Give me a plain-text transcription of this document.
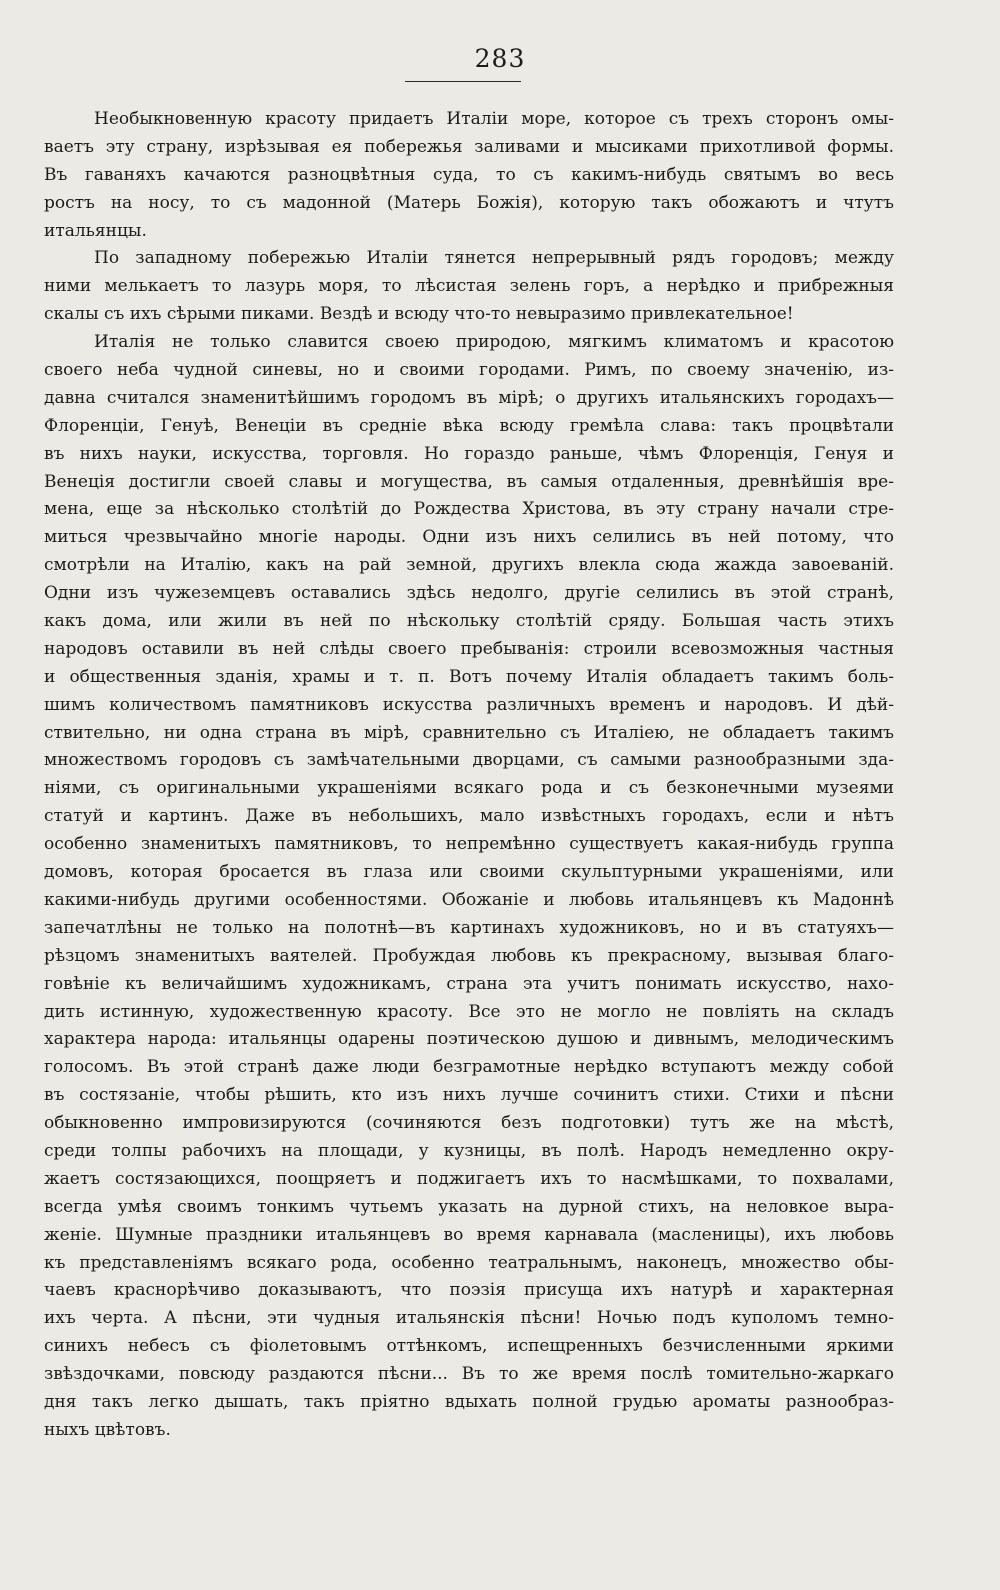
283
Необыкновенную красоту придаетъ Италіи море, которое съ трехъ сторонъ омы-
ваетъ эту страну, изрѣзывая ея побережья заливами и мысиками прихотливой формы.
Въ гаваняхъ качаются разноцвѣтныя суда, то съ какимъ-нибудь святымъ во весь
ростъ на носу, то съ мадонной (Матерь Божія), которую такъ обожаютъ и чтутъ
итальянцы.
По западному побережью Италіи тянется непрерывный рядъ городовъ; между
ними мелькаетъ то лазурь моря, то лѣсистая зелень горъ, а нерѣдко и прибрежныя
скалы съ ихъ сѣрыми пиками. Вездѣ и всюду что-то невыразимо привлекательное!
Италія не только славится своею природою, мягкимъ климатомъ и красотою
своего неба чудной синевы, но и своими городами. Римъ, по своему значенію, из-
давна считался знаменитѣйшимъ городомъ въ мірѣ; о другихъ итальянскихъ городахъ—
Флоренціи, Генуѣ, Венеціи въ средніе вѣка всюду гремѣла слава: такъ процвѣтали
въ нихъ науки, искусства, торговля. Но гораздо раньше, чѣмъ Флоренція, Генуя и
Венеція достигли своей славы и могущества, въ самыя отдаленныя, древнѣйшія вре-
мена, еще за нѣсколько столѣтій до Рождества Христова, въ эту страну начали стре-
миться чрезвычайно многіе народы. Одни изъ нихъ селились въ ней потому, что
смотрѣли на Италію, какъ на рай земной, другихъ влекла сюда жажда завоеваній.
Одни изъ чужеземцевъ оставались здѣсь недолго, другіе селились въ этой странѣ,
какъ дома, или жили въ ней по нѣскольку столѣтій сряду. Большая часть этихъ
народовъ оставили въ ней слѣды своего пребыванія: строили всевозможныя частныя
и общественныя зданія, храмы и т. п. Вотъ почему Италія обладаетъ такимъ боль-
шимъ количествомъ памятниковъ искусства различныхъ временъ и народовъ. И дѣй-
ствительно, ни одна страна въ мірѣ, сравнительно съ Италіею, не обладаетъ такимъ
множествомъ городовъ съ замѣчательными дворцами, съ самыми разнообразными зда-
ніями, съ оригинальными украшеніями всякаго рода и съ безконечными музеями
статуй и картинъ. Даже въ небольшихъ, мало извѣстныхъ городахъ, если и нѣтъ
особенно знаменитыхъ памятниковъ, то непремѣнно существуетъ какая-нибудь группа
домовъ, которая бросается въ глаза или своими скульптурными украшеніями, или
какими-нибудь другими особенностями. Обожаніе и любовь итальянцевъ къ Мадоннѣ
запечатлѣны не только на полотнѣ—въ картинахъ художниковъ, но и въ статуяхъ—
рѣзцомъ знаменитыхъ ваятелей. Пробуждая любовь къ прекрасному, вызывая благо-
говѣніе къ величайшимъ художникамъ, страна эта учитъ понимать искусство, нахо-
дить истинную, художественную красоту. Все это не могло не повліять на складъ
характера народа: итальянцы одарены поэтическою душою и дивнымъ, мелодическимъ
голосомъ. Въ этой странѣ даже люди безграмотные нерѣдко вступаютъ между собой
въ состязаніе, чтобы рѣшить, кто изъ нихъ лучше сочинитъ стихи. Стихи и пѣсни
обыкновенно импровизируются (сочиняются безъ подготовки) тутъ же на мѣстѣ,
среди толпы рабочихъ на площади, у кузницы, въ полѣ. Народъ немедленно окру-
жаетъ состязающихся, поощряетъ и поджигаетъ ихъ то насмѣшками, то похвалами,
всегда умѣя своимъ тонкимъ чутьемъ указать на дурной стихъ, на неловкое выра-
женіе. Шумные праздники итальянцевъ во время карнавала (масленицы), ихъ любовь
къ представленіямъ всякаго рода, особенно театральнымъ, наконецъ, множество обы-
чаевъ краснорѣчиво доказываютъ, что поэзія присуща ихъ натурѣ и характерная
ихъ черта. А пѣсни, эти чудныя итальянскія пѣсни! Ночью подъ куполомъ темно-
синихъ небесъ съ фіолетовымъ оттѣнкомъ, испещренныхъ безчисленными яркими
звѣздочками, повсюду раздаются пѣсни... Въ то же время послѣ томительно-жаркаго
дня такъ легко дышать, такъ пріятно вдыхать полной грудью ароматы разнообраз-
ныхъ цвѣтовъ.
